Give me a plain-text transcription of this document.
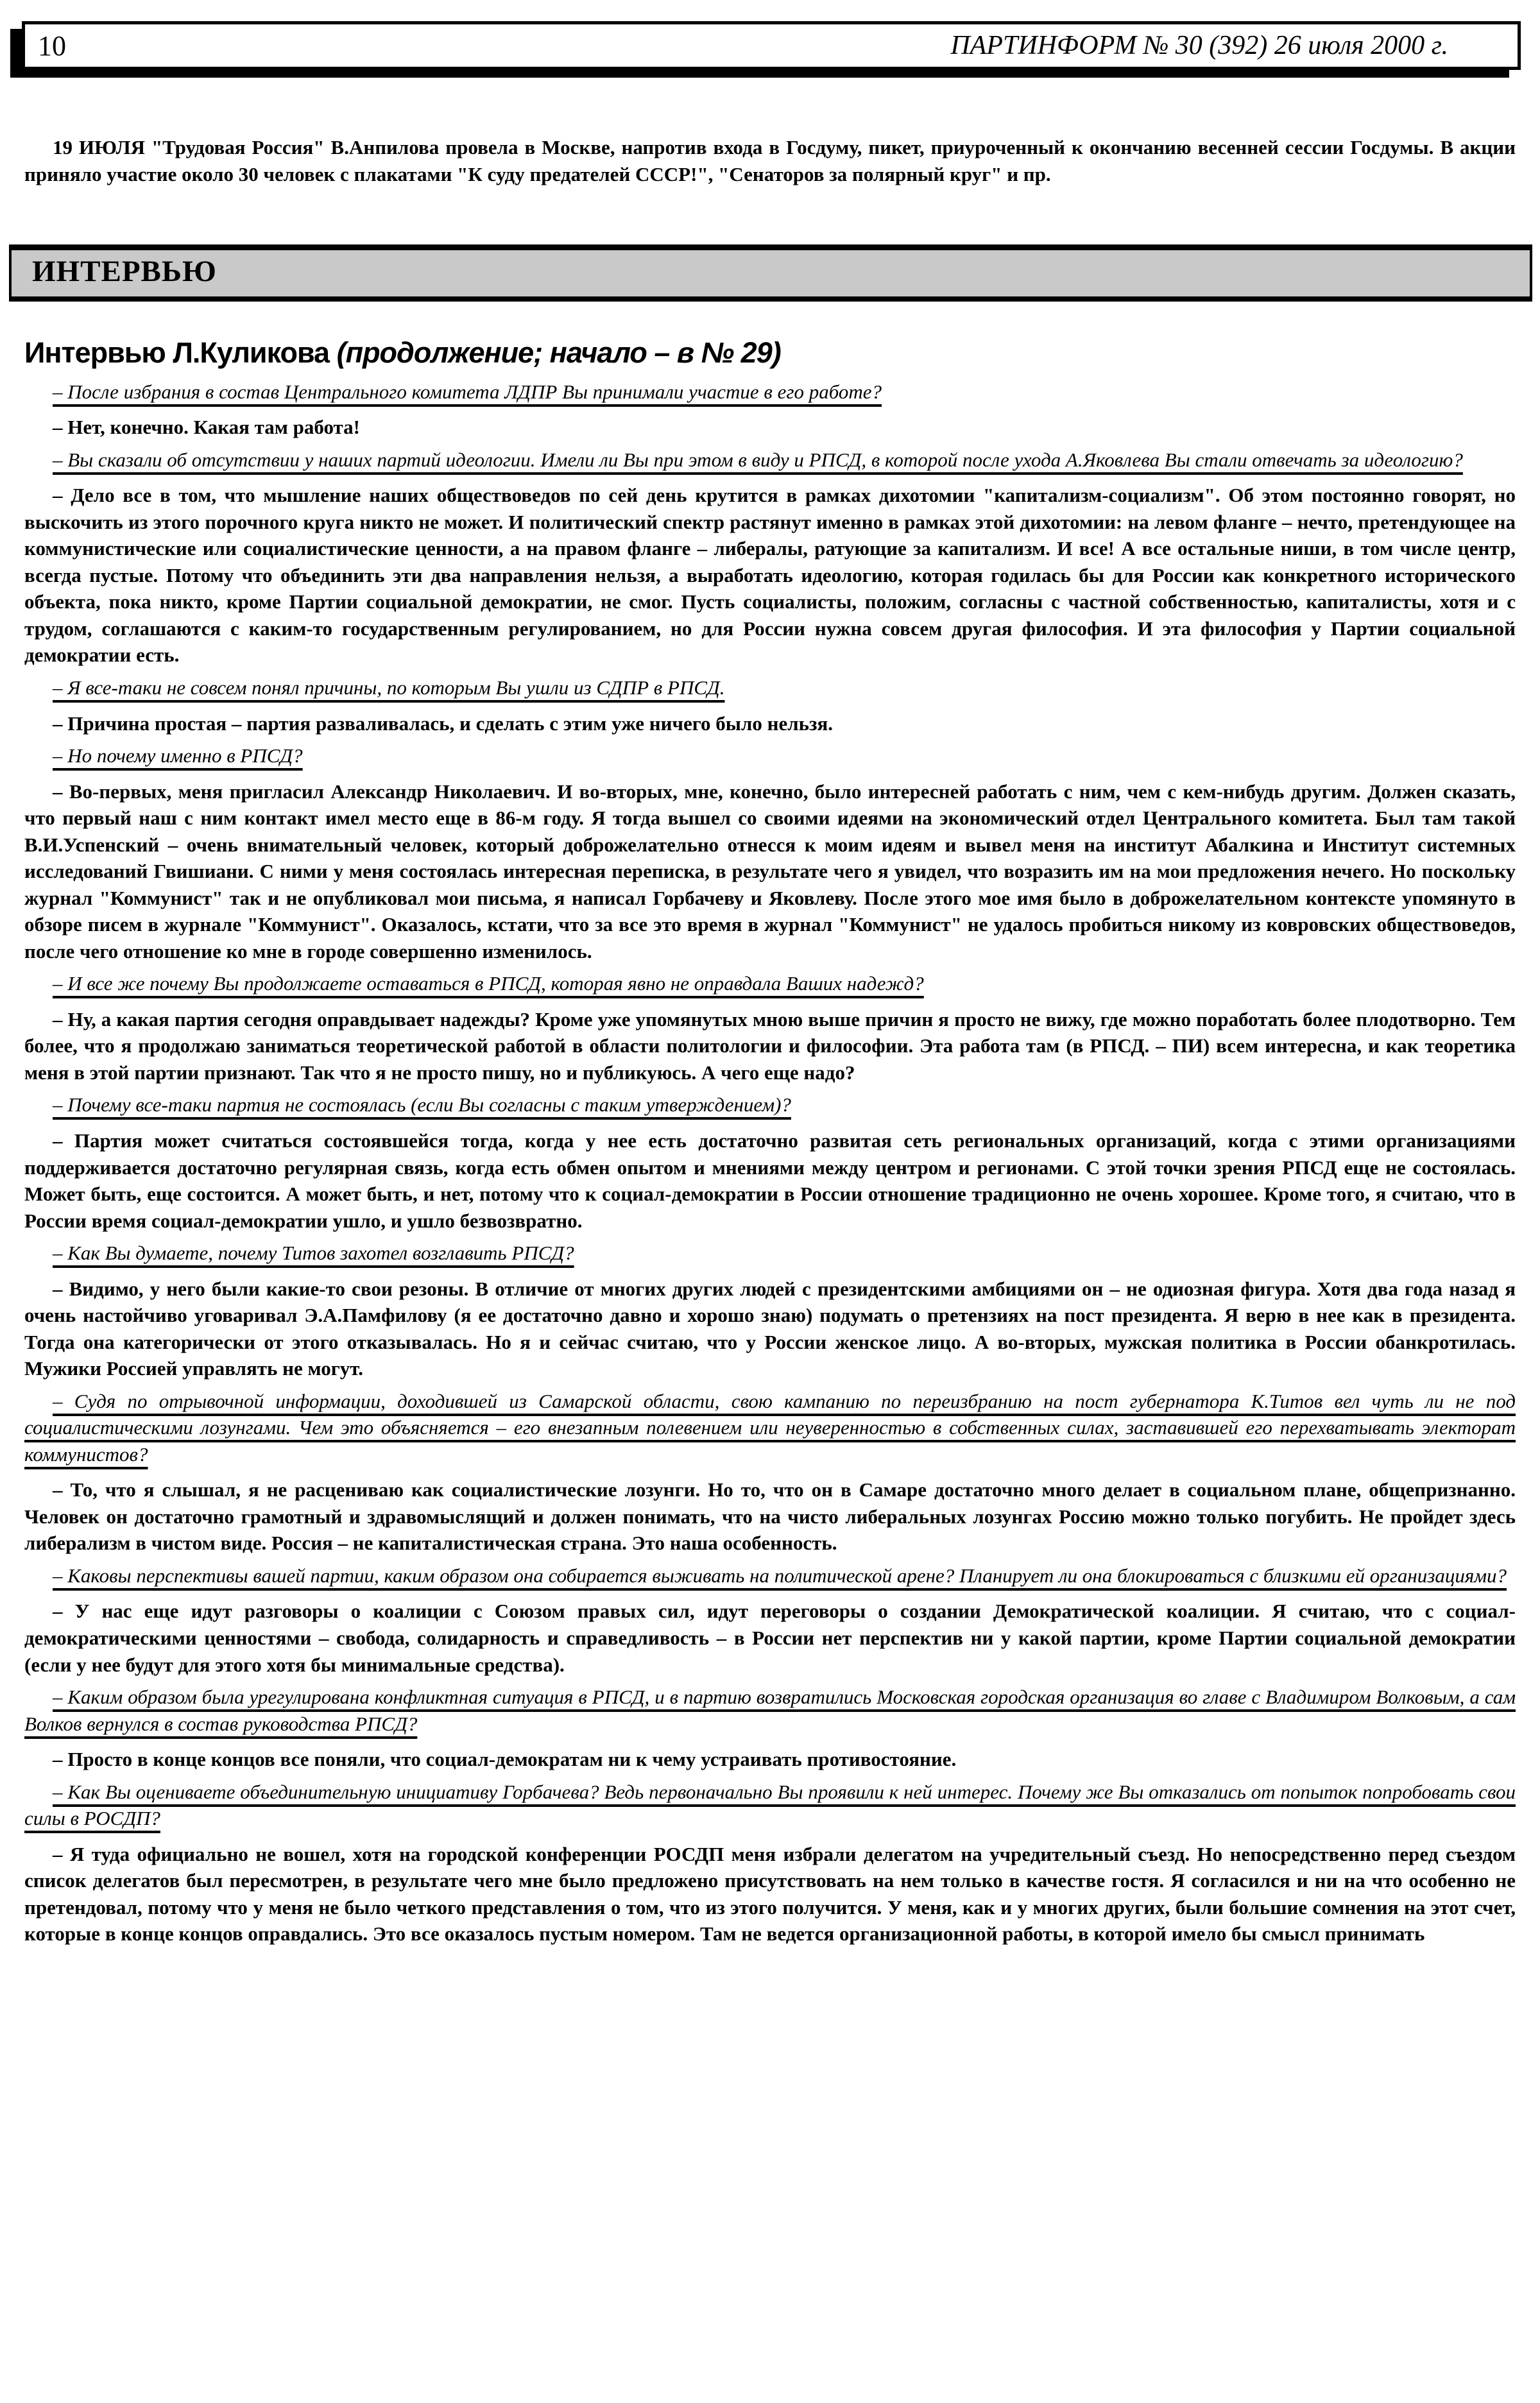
10	ПАРТИНФОРМ № 30 (392) 26 июля 2000 г.

19 ИЮЛЯ "Трудовая Россия" В.Анпилова провела в Москве, напротив входа в Госдуму, пикет, приуроченный к окончанию весенней сессии Госдумы. В акции приняло участие около 30 человек с плакатами "К суду предателей СССР!", "Сенаторов за полярный круг" и пр.

ИНТЕРВЬЮ
Интервью Л.Куликова (продолжение; начало – в № 29)

– После избрания в состав Центрального комитета ЛДПР Вы принимали участие в его работе?

– Нет, конечно. Какая там работа!

– Вы сказали об отсутствии у наших партий идеологии. Имели ли Вы при этом в виду и РПСД, в которой после ухода А.Яковлева Вы стали отвечать за идеологию?

– Дело все в том, что мышление наших обществоведов по сей день крутится в рамках дихотомии "капитализм-социализм". Об этом постоянно говорят, но выскочить из этого порочного круга никто не может. И политический спектр растянут именно в рамках этой дихотомии: на левом фланге – нечто, претендующее на коммунистические или социалистические ценности, а на правом фланге – либералы, ратующие за капитализм. И все! А все остальные ниши, в том числе центр, всегда пустые. Потому что объединить эти два направления нельзя, а выработать идеологию, которая годилась бы для России как конкретного исторического объекта, пока никто, кроме Партии социальной демократии, не смог. Пусть социалисты, положим, согласны с частной собственностью, капиталисты, хотя и с трудом, соглашаются с каким-то государственным регулированием, но для России нужна совсем другая философия. И эта философия у Партии социальной демократии есть.

– Я все-таки не совсем понял причины, по которым Вы ушли из СДПР в РПСД.

– Причина простая – партия разваливалась, и сделать с этим уже ничего было нельзя.

– Но почему именно в РПСД?

– Во-первых, меня пригласил Александр Николаевич. И во-вторых, мне, конечно, было интересней работать с ним, чем с кем-нибудь другим. Должен сказать, что первый наш с ним контакт имел место еще в 86-м году. Я тогда вышел со своими идеями на экономический отдел Центрального комитета. Был там такой В.И.Успенский – очень внимательный человек, который доброжелательно отнесся к моим идеям и вывел меня на институт Абалкина и Институт системных исследований Гвишиани. С ними у меня состоялась интересная переписка, в результате чего я увидел, что возразить им на мои предложения нечего. Но поскольку журнал "Коммунист" так и не опубликовал мои письма, я написал Горбачеву и Яковлеву. После этого мое имя было в доброжелательном контексте упомянуто в обзоре писем в журнале "Коммунист". Оказалось, кстати, что за все это время в журнал "Коммунист" не удалось пробиться никому из ковровских обществоведов, после чего отношение ко мне в городе совершенно изменилось.

– И все же почему Вы продолжаете оставаться в РПСД, которая явно не оправдала Ваших надежд?

– Ну, а какая партия сегодня оправдывает надежды? Кроме уже упомянутых мною выше причин я просто не вижу, где можно поработать более плодотворно. Тем более, что я продолжаю заниматься теоретической работой в области политологии и философии. Эта работа там (в РПСД. – ПИ) всем интересна, и как теоретика меня в этой партии признают. Так что я не просто пишу, но и публикуюсь. А чего еще надо?

– Почему все-таки партия не состоялась (если Вы согласны с таким утверждением)?

– Партия может считаться состоявшейся тогда, когда у нее есть достаточно развитая сеть региональных организаций, когда с этими организациями поддерживается достаточно регулярная связь, когда есть обмен опытом и мнениями между центром и регионами. С этой точки зрения РПСД еще не состоялась. Может быть, еще состоится. А может быть, и нет, потому что к социал-демократии в России отношение традиционно не очень хорошее. Кроме того, я считаю, что в России время социал-демократии ушло, и ушло безвозвратно.

– Как Вы думаете, почему Титов захотел возглавить РПСД?

– Видимо, у него были какие-то свои резоны. В отличие от многих других людей с президентскими амбициями он – не одиозная фигура. Хотя два года назад я очень настойчиво уговаривал Э.А.Памфилову (я ее достаточно давно и хорошо знаю) подумать о претензиях на пост президента. Я верю в нее как в президента. Тогда она категорически от этого отказывалась. Но я и сейчас считаю, что у России женское лицо. А во-вторых, мужская политика в России обанкротилась. Мужики Россией управлять не могут.

– Судя по отрывочной информации, доходившей из Самарской области, свою кампанию по переизбранию на пост губернатора К.Титов вел чуть ли не под социалистическими лозунгами. Чем это объясняется – его внезапным полевением или неуверенностью в собственных силах, заставившей его перехватывать электорат коммунистов?

– То, что я слышал, я не расцениваю как социалистические лозунги. Но то, что он в Самаре достаточно много делает в социальном плане, общепризнанно. Человек он достаточно грамотный и здравомыслящий и должен понимать, что на чисто либеральных лозунгах Россию можно только погубить. Не пройдет здесь либерализм в чистом виде. Россия – не капиталистическая страна. Это наша особенность.

– Каковы перспективы вашей партии, каким образом она собирается выживать на политической арене? Планирует ли она блокироваться с близкими ей организациями?

– У нас еще идут разговоры о коалиции с Союзом правых сил, идут переговоры о создании Демократической коалиции. Я считаю, что с социал-демократическими ценностями – свобода, солидарность и справедливость – в России нет перспектив ни у какой партии, кроме Партии социальной демократии (если у нее будут для этого хотя бы минимальные средства).

– Каким образом была урегулирована конфликтная ситуация в РПСД, и в партию возвратились Московская городская организация во главе с Владимиром Волковым, а сам Волков вернулся в состав руководства РПСД?

– Просто в конце концов все поняли, что социал-демократам ни к чему устраивать противостояние.

– Как Вы оцениваете объединительную инициативу Горбачева? Ведь первоначально Вы проявили к ней интерес. Почему же Вы отказались от попыток попробовать свои силы в РОСДП?

– Я туда официально не вошел, хотя на городской конференции РОСДП меня избрали делегатом на учредительный съезд. Но непосредственно перед съездом список делегатов был пересмотрен, в результате чего мне было предложено присутствовать на нем только в качестве гостя. Я согласился и ни на что особенно не претендовал, потому что у меня не было четкого представления о том, что из этого получится. У меня, как и у многих других, были большие сомнения на этот счет, которые в конце концов оправдались. Это все оказалось пустым номером. Там не ведется организационной работы, в которой имело бы смысл принимать
